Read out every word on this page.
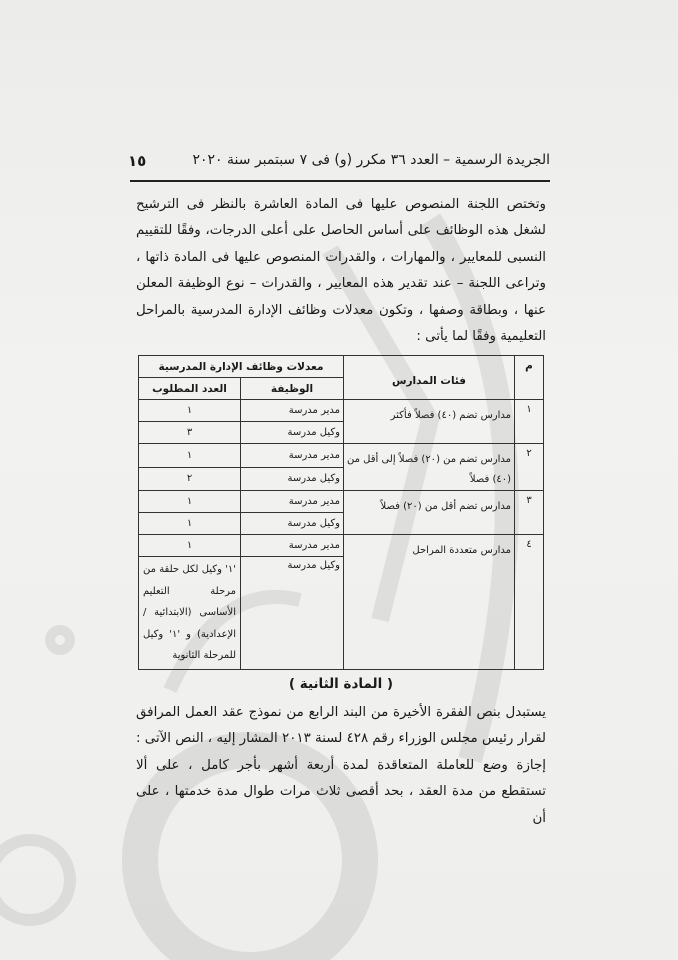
الجريدة الرسمية – العدد ٣٦ مكرر (و) فى ٧ سبتمبر سنة ٢٠٢٠
١٥

وتختص اللجنة المنصوص عليها فى المادة العاشرة بالنظر فى الترشيح لشغل هذه الوظائف على أساس الحاصل على أعلى الدرجات، وفقًا للتقييم النسبى للمعايير ، والمهارات ، والقدرات المنصوص عليها فى المادة ذاتها ، وتراعى اللجنة – عند تقدير هذه المعايير ، والقدرات – نوع الوظيفة المعلن عنها ، وبطاقة وصفها ، وتكون معدلات وظائف الإدارة المدرسية بالمراحل التعليمية وفقًا لما يأتى :

م	فئات المدارس	معدلات وظائف الإدارة المدرسية	
		الوظيفة	العدد المطلوب
١	مدارس تضم (٤٠) فصلاً فأكثر	مدير مدرسة	١
		وكيل مدرسة	٣
٢	مدارس تضم من (٢٠) فصلاً إلى أقل من (٤٠) فصلاً	مدير مدرسة	١
		وكيل مدرسة	٢
٣	مدارس تضم أقل من (٢٠) فصلاً	مدير مدرسة	١
		وكيل مدرسة	١
٤	مدارس متعددة المراحل	مدير مدرسة	١
		وكيل مدرسة	'١' وكيل لكل حلقة من مرحلة التعليم الأساسى (الابتدائية / الإعدادية) و '١' وكيل للمرحلة الثانوية
( المادة الثانية )

يستبدل بنص الفقرة الأخيرة من البند الرابع من نموذج عقد العمل المرافق لقرار رئيس مجلس الوزراء رقم ٤٢٨ لسنة ٢٠١٣ المشار إليه ، النص الآتى : إجازة وضع للعاملة المتعاقدة لمدة أربعة أشهر بأجر كامل ، على ألا تستقطع من مدة العقد ، بحد أقصى ثلاث مرات طوال مدة خدمتها ، على أن
